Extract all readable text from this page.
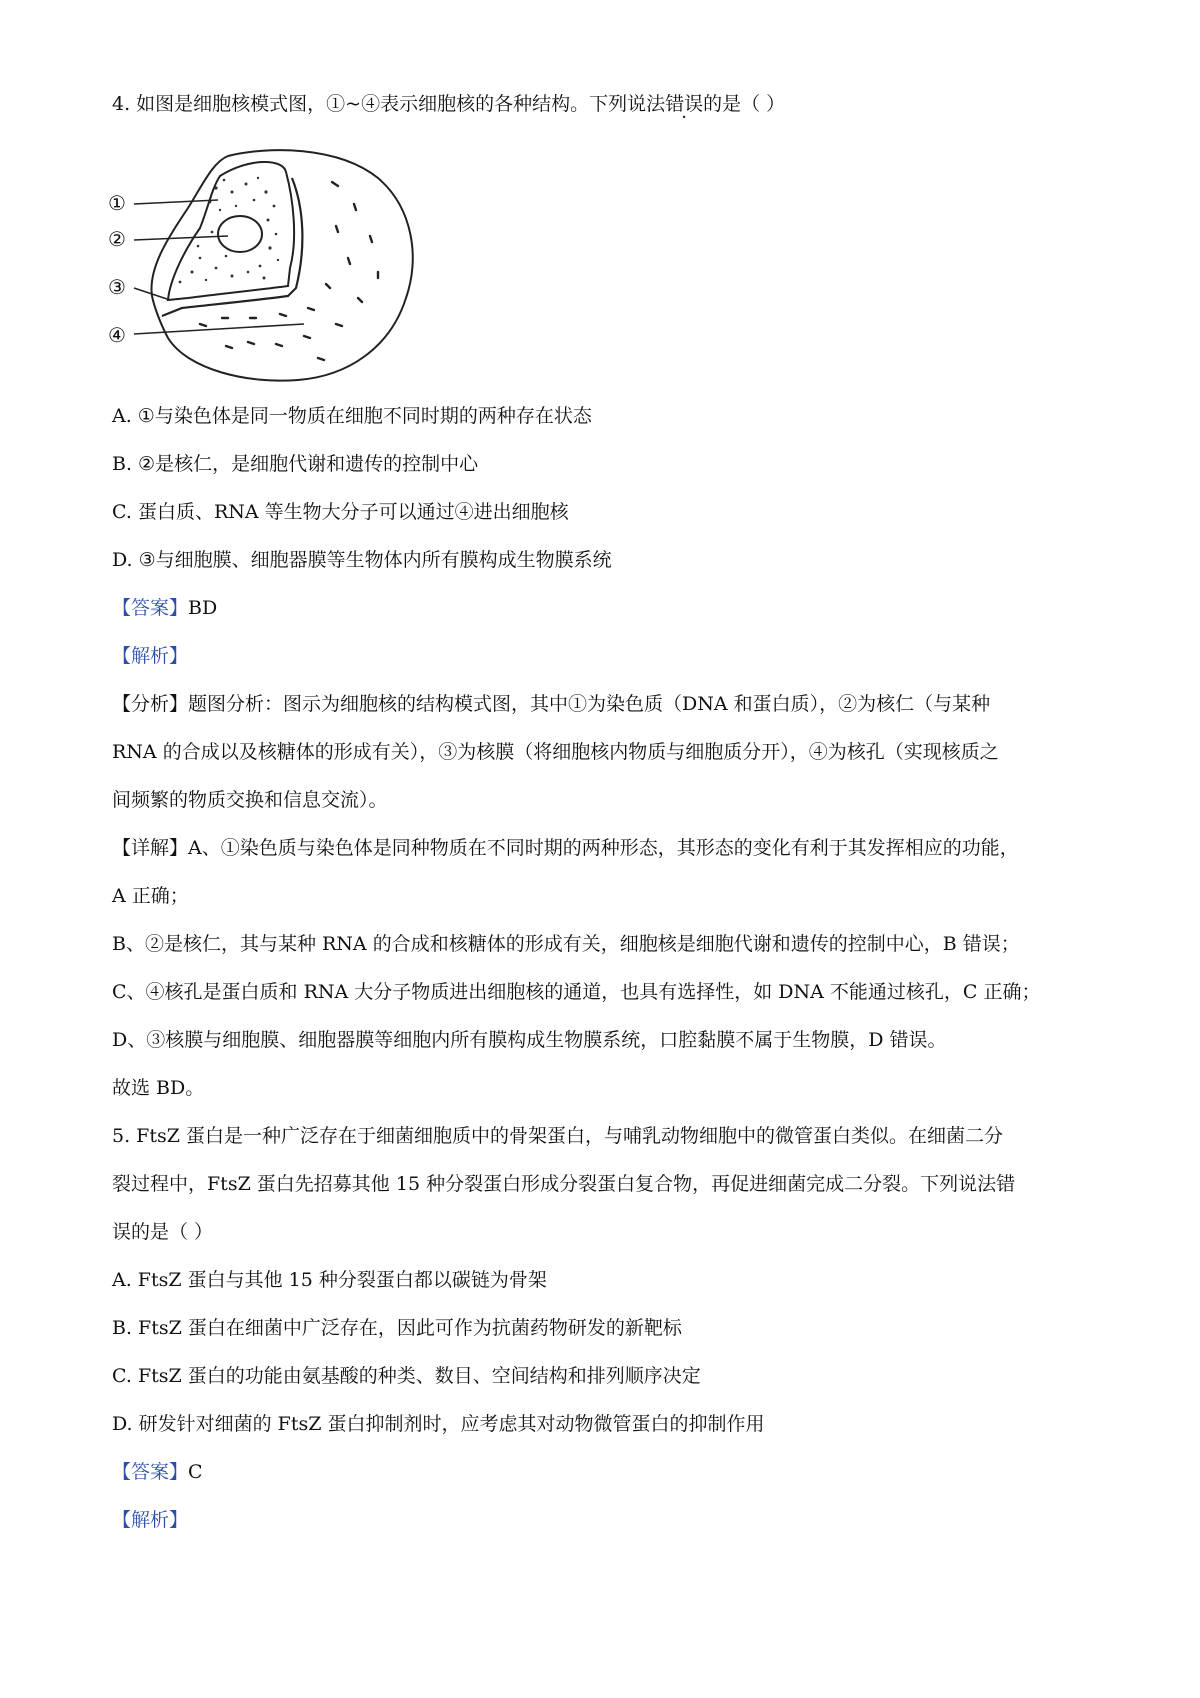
4. 如图是细胞核模式图，①~④表示细胞核的各种结构。下列说法错误的是（ ）
①
②
③
④
A. ①与染色体是同一物质在细胞不同时期的两种存在状态
B. ②是核仁，是细胞代谢和遗传的控制中心
C. 蛋白质、RNA 等生物大分子可以通过④进出细胞核
D. ③与细胞膜、细胞器膜等生物体内所有膜构成生物膜系统
【答案】BD
【解析】
【分析】题图分析：图示为细胞核的结构模式图，其中①为染色质（DNA 和蛋白质），②为核仁（与某种
RNA 的合成以及核糖体的形成有关），③为核膜（将细胞核内物质与细胞质分开），④为核孔（实现核质之
间频繁的物质交换和信息交流）。
【详解】A、①染色质与染色体是同种物质在不同时期的两种形态，其形态的变化有利于其发挥相应的功能，
A 正确；
B、②是核仁，其与某种 RNA 的合成和核糖体的形成有关，细胞核是细胞代谢和遗传的控制中心，B 错误；
C、④核孔是蛋白质和 RNA 大分子物质进出细胞核的通道，也具有选择性，如 DNA 不能通过核孔，C 正确；
D、③核膜与细胞膜、细胞器膜等细胞内所有膜构成生物膜系统，口腔黏膜不属于生物膜，D 错误。
故选 BD。
5. FtsZ 蛋白是一种广泛存在于细菌细胞质中的骨架蛋白，与哺乳动物细胞中的微管蛋白类似。在细菌二分
裂过程中，FtsZ 蛋白先招募其他 15 种分裂蛋白形成分裂蛋白复合物，再促进细菌完成二分裂。下列说法错
误的是（ ）
A. FtsZ 蛋白与其他 15 种分裂蛋白都以碳链为骨架
B. FtsZ 蛋白在细菌中广泛存在，因此可作为抗菌药物研发的新靶标
C. FtsZ 蛋白的功能由氨基酸的种类、数目、空间结构和排列顺序决定
D. 研发针对细菌的 FtsZ 蛋白抑制剂时，应考虑其对动物微管蛋白的抑制作用
【答案】C
【解析】
